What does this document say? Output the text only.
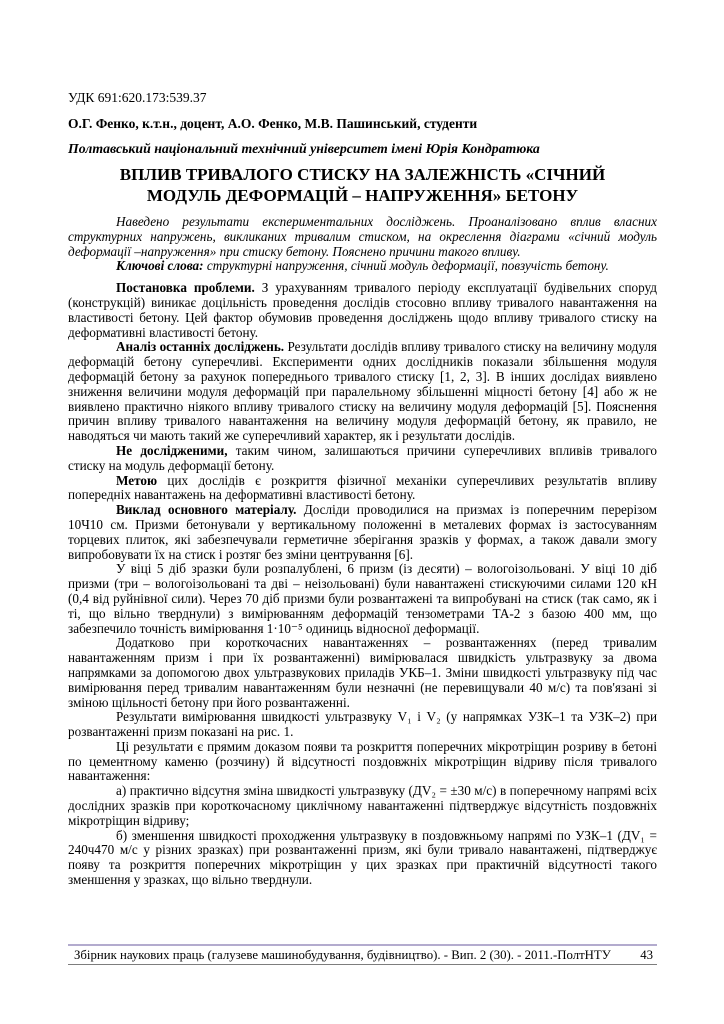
УДК 691:620.173:539.37
О.Г. Фенко, к.т.н., доцент, А.О. Фенко, М.В. Пашинський, студенти
Полтавський національний технічний університет імені Юрія Кондратюка
ВПЛИВ ТРИВАЛОГО СТИСКУ НА ЗАЛЕЖНІСТЬ «СІЧНИЙ
МОДУЛЬ ДЕФОРМАЦІЙ – НАПРУЖЕННЯ» БЕТОНУ

Наведено результати експериментальних досліджень. Проаналізовано вплив власних структурних напружень, викликаних тривалим стиском, на окреслення діаграми «січний модуль деформації –напруження» при стиску бетону. Пояснено причини такого впливу.

Ключові слова: структурні напруження, січний модуль деформації, повзучість бетону.

Постановка проблеми. З урахуванням тривалого періоду експлуатації будівельних споруд (конструкцій) виникає доцільність проведення дослідів стосовно впливу тривалого навантаження на властивості бетону. Цей фактор обумовив проведення досліджень щодо впливу тривалого стиску на деформативні властивості бетону.

Аналіз останніх досліджень. Результати дослідів впливу тривалого стиску на величину модуля деформацій бетону суперечливі. Експерименти одних дослідників показали збільшення модуля деформацій бетону за рахунок попереднього тривалого стиску [1, 2, 3]. В інших дослідах виявлено зниження величини модуля деформацій при паралельному збільшенні міцності бетону [4] або ж не виявлено практично ніякого впливу тривалого стиску на величину модуля деформацій [5]. Пояснення причин впливу тривалого навантаження на величину модуля деформацій бетону, як правило, не наводяться чи мають такий же суперечливий характер, як і результати дослідів.

Не дослідженими, таким чином, залишаються причини суперечливих впливів тривалого стиску на модуль деформації бетону.

Метою цих дослідів є розкриття фізичної механіки суперечливих результатів впливу попередніх навантажень на деформативні властивості бетону.

Виклад основного матеріалу. Досліди проводилися на призмах із поперечним перерізом 10Ч10 см. Призми бетонували у вертикальному положенні в металевих формах із застосуванням торцевих плиток, які забезпечували герметичне зберігання зразків у формах, а також давали змогу випробовувати їх на стиск і розтяг без зміни центрування [6].

У віці 5 діб зразки були розпалублені, 6 призм (із десяти) – вологоізольовані. У віці 10 діб призми (три – вологоізольовані та дві – неізольовані) були навантажені стискуючими силами 120 кН (0,4 від руйнівної сили). Через 70 діб призми були розвантажені та випробувані на стиск (так само, як і ті, що вільно тверднули) з вимірюванням деформацій тензометрами ТА-2 з базою 400 мм, що забезпечило точність вимірювання 1·10⁻⁵ одиниць відносної деформації.

Додатково при короткочасних навантаженнях – розвантаженнях (перед тривалим навантаженням призм і при їх розвантаженні) вимірювалася швидкість ультразвуку за двома напрямками за допомогою двох ультразвукових приладів УКБ–1. Зміни швидкості ультразвуку під час вимірювання перед тривалим навантаженням були незначні (не перевищували 40 м/с) та пов'язані зі зміною щільності бетону при його розвантаженні.

Результати вимірювання швидкості ультразвуку V₁ і V₂ (у напрямках УЗК–1 та УЗК–2) при розвантаженні призм показані на рис. 1.

Ці результати є прямим доказом появи та розкриття поперечних мікротріщин розриву в бетоні по цементному каменю (розчину) й відсутності поздовжніх мікротріщин відриву після тривалого навантаження:

а) практично відсутня зміна швидкості ультразвуку (ДV₂ = ±30 м/с) в поперечному напрямі всіх дослідних зразків при короткочасному циклічному навантаженні підтверджує відсутність поздовжніх мікротріщин відриву;

б) зменшення швидкості проходження ультразвуку в поздовжньому напрямі по УЗК–1 (ДV₁ = 240ч470 м/с у різних зразках) при розвантаженні призм, які були тривало навантажені, підтверджує появу та розкриття поперечних мікротріщин у цих зразках при практичній відсутності такого зменшення у зразках, що вільно тверднули.

Збірник наукових праць (галузеве машинобудування, будівництво). - Вип. 2 (30). - 2011.-ПолтНТУ 43
